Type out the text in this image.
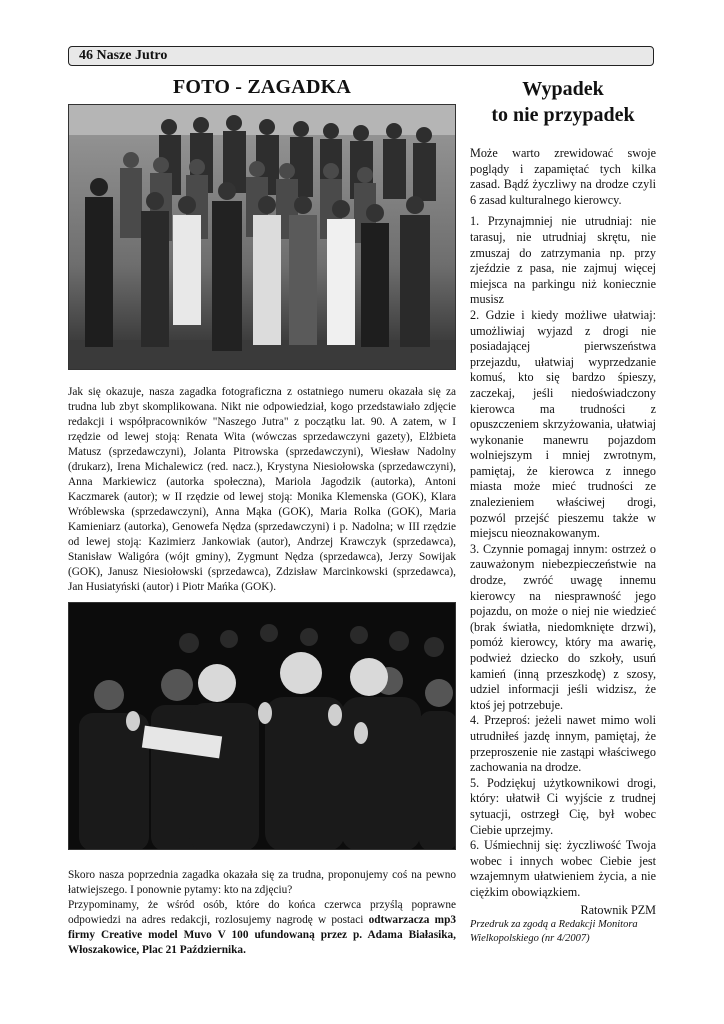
46 Nasze Jutro
FOTO - ZAGADKA	Wypadek
to nie przypadek
Jak się okazuje, nasza zagadka fotograficzna z ostatniego numeru okazała się za trudna lub zbyt skomplikowana. Nikt nie odpowiedział, kogo przedstawiało zdjęcie redakcji i współpracowników "Naszego Jutra" z początku lat. 90. A zatem, w I rzędzie od lewej stoją: Renata Wita (wówczas sprzedawczyni gazety), Elżbieta Matusz (sprzedawczyni), Jolanta Pitrowska (sprzedawczyni), Wiesław Nadolny (drukarz), Irena Michalewicz (red. nacz.), Krystyna Niesiołowska (sprzedawczyni), Anna Markiewicz (autorka społeczna), Mariola Jagodzik (autorka), Antoni Kaczmarek (autor); w II rzędzie od lewej stoją: Monika Klemenska (GOK), Klara Wróblewska (sprzedawczyni), Anna Mąka (GOK), Maria Rolka (GOK), Maria Kamieniarz (autorka), Genowefa Nędza (sprzedawczyni) i p. Nadolna; w III rzędzie od lewej stoją: Kazimierz Jankowiak (autor), Andrzej Krawczyk (sprzedawca), Stanisław Waligóra (wójt gminy), Zygmunt Nędza (sprzedawca), Jerzy Sowijak (GOK), Janusz Niesiołowski (sprzedawca), Zdzisław Marcinkowski (sprzedawca), Jan Husiatyński (autor) i Piotr Mańka (GOK).

Skoro nasza poprzednia zagadka okazała się za trudna, proponujemy coś na pewno łatwiejszego. I ponownie pytamy: kto na zdjęciu?

Przypominamy, że wśród osób, które do końca czerwca przyślą poprawne odpowiedzi na adres redakcji, rozlosujemy nagrodę w postaci odtwarzacza mp3 firmy Creative model Muvo V 100 ufundowaną przez p. Adama Białasika, Włoszakowice, Plac 21 Października.

Może warto zrewidować swoje poglądy i zapamiętać tych kilka zasad. Bądź życzliwy na drodze czyli 6 zasad kulturalnego kierowcy.

1. Przynajmniej nie utrudniaj: nie tarasuj, nie utrudniaj skrętu, nie zmuszaj do zatrzymania np. przy zjeździe z pasa, nie zajmuj więcej miejsca na parkingu niż koniecznie musisz

2. Gdzie i kiedy możliwe ułatwiaj: umożliwiaj wyjazd z drogi nie posiadającej pierwszeństwa przejazdu, ułatwiaj wyprzedzanie komuś, kto się bardzo śpieszy, zaczekaj, jeśli niedoświadczony kierowca ma trudności z opuszczeniem skrzyżowania, ułatwiaj wykonanie manewru pojazdom wolniejszym i mniej zwrotnym, pamiętaj, że kierowca z innego miasta może mieć trudności ze znalezieniem właściwej drogi, pozwól przejść pieszemu także w miejscu nieoznakowanym.

3. Czynnie pomagaj innym: ostrzeż o zauważonym niebezpieczeństwie na drodze, zwróć uwagę innemu kierowcy na niesprawność jego pojazdu, on może o niej nie wiedzieć (brak światła, niedomknięte drzwi), pomóż kierowcy, który ma awarię, podwież dziecko do szkoły, usuń kamień (inną przeszkodę) z szosy, udziel informacji jeśli widzisz, że ktoś jej potrzebuje.

4. Przeproś: jeżeli nawet mimo woli utrudniłeś jazdę innym, pamiętaj, że przeproszenie nie zastąpi właściwego zachowania na drodze.

5. Podziękuj użytkownikowi drogi, który: ułatwił Ci wyjście z trudnej sytuacji, ostrzegł Cię, był wobec Ciebie uprzejmy.

6. Uśmiechnij się: życzliwość Twoja wobec i innych wobec Ciebie jest wzajemnym ułatwieniem życia, a nie ciężkim obowiązkiem.

Ratownik PZM

Przedruk za zgodą a Redakcji Monitora Wielkopolskiego (nr 4/2007)
